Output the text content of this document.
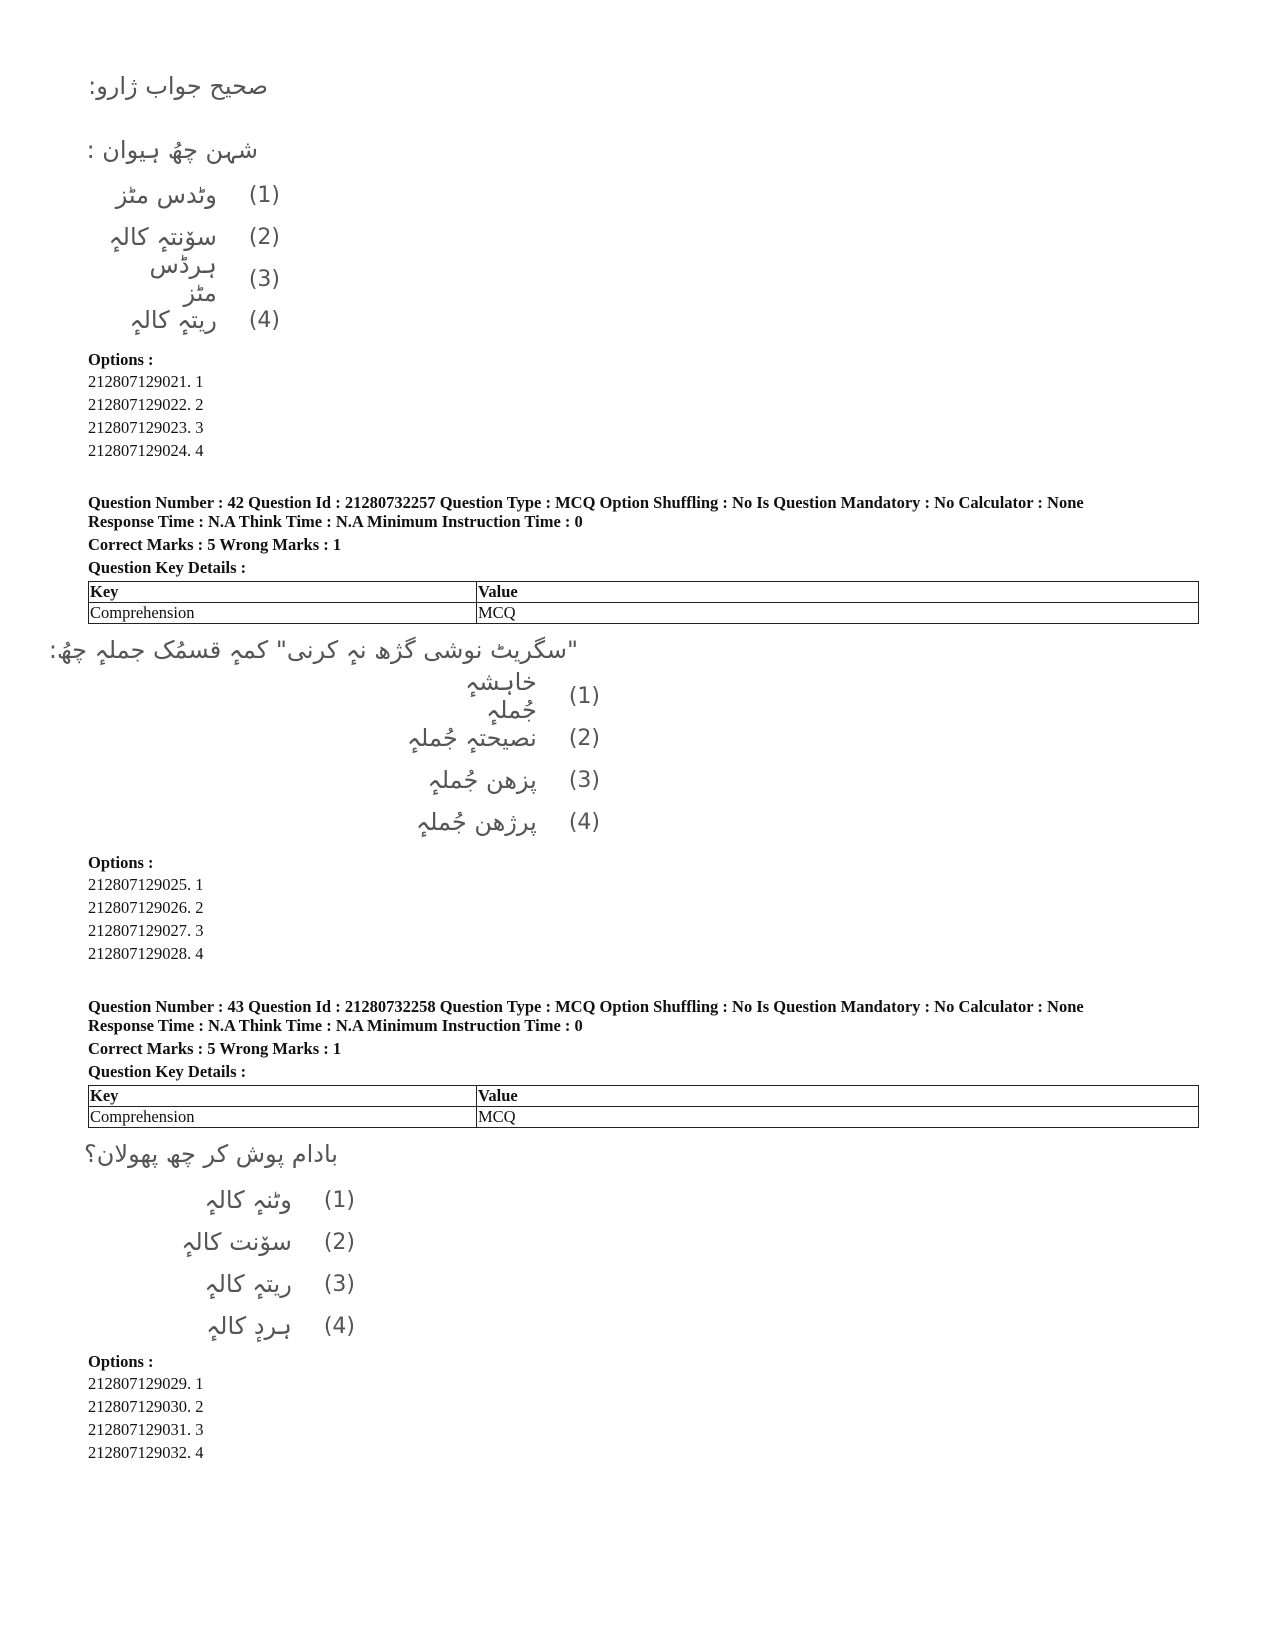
صحیح جواب ژارو:
شہن چھُ ہیوان :
(1)
وٹدس مٹز
(2)
سوٚنتہٕ کالہٕ
(3)
ہرڈس مٹز
(4)
ریتہٕ کالہٕ
Options :
212807129021. 1
212807129022. 2
212807129023. 3
212807129024. 4
Question Number : 42 Question Id : 21280732257 Question Type : MCQ Option Shuffling : No Is Question Mandatory : No Calculator : None
Response Time : N.A Think Time : N.A Minimum Instruction Time : 0
Correct Marks : 5 Wrong Marks : 1
Question Key Details :
Key	Value
Comprehension	MCQ
"سگریٹ نوشی گژھ نہٕ کرنی" کمہٕ قسمُک جملہٕ چھُ:
(1)
خاہشہٕ جُملہٕ
(2)
نصیحتہٕ جُملہٕ
(3)
پزھن جُملہٕ
(4)
پرژھن جُملہٕ
Options :
212807129025. 1
212807129026. 2
212807129027. 3
212807129028. 4
Question Number : 43 Question Id : 21280732258 Question Type : MCQ Option Shuffling : No Is Question Mandatory : No Calculator : None
Response Time : N.A Think Time : N.A Minimum Instruction Time : 0
Correct Marks : 5 Wrong Marks : 1
Question Key Details :
Key	Value
Comprehension	MCQ
بادام پوش کر چھ پھولان؟
(1)
وٹنہٕ کالہٕ
(2)
سوٚنت کالہٕ
(3)
ریتہٕ کالہٕ
(4)
ہردٕ کالہٕ
Options :
212807129029. 1
212807129030. 2
212807129031. 3
212807129032. 4
